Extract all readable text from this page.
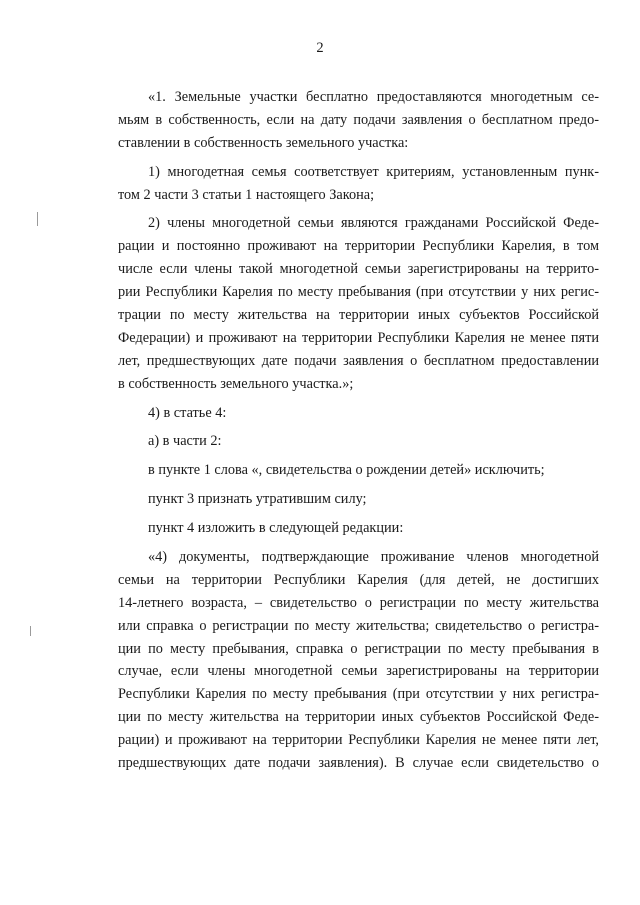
2
«1. Земельные участки бесплатно предоставляются многодетным се-
мьям в собственность, если на дату подачи заявления о бесплатном предо-
ставлении в собственность земельного участка:
1) многодетная семья соответствует критериям, установленным пунк-
том 2 части 3 статьи 1 настоящего Закона;
2) члены многодетной семьи являются гражданами Российской Феде-
рации и постоянно проживают на территории Республики Карелия, в том
числе если члены такой многодетной семьи зарегистрированы на террито-
рии Республики Карелия по месту пребывания (при отсутствии у них регис-
трации по месту жительства на территории иных субъектов Российской
Федерации) и проживают на территории Республики Карелия не менее пяти
лет, предшествующих дате подачи заявления о бесплатном предоставлении
в собственность земельного участка.»;
4) в статье 4:
а) в части 2:
в пункте 1 слова «, свидетельства о рождении детей» исключить;
пункт 3 признать утратившим силу;
пункт 4 изложить в следующей редакции:
«4) документы, подтверждающие проживание членов многодетной
семьи на территории Республики Карелия (для детей, не достигших
14-летнего возраста, – свидетельство о регистрации по месту жительства
или справка о регистрации по месту жительства; свидетельство о регистра-
ции по месту пребывания, справка о регистрации по месту пребывания в
случае, если члены многодетной семьи зарегистрированы на территории
Республики Карелия по месту пребывания (при отсутствии у них регистра-
ции по месту жительства на территории иных субъектов Российской Феде-
рации) и проживают на территории Республики Карелия не менее пяти лет,
предшествующих дате подачи заявления). В случае если свидетельство о
